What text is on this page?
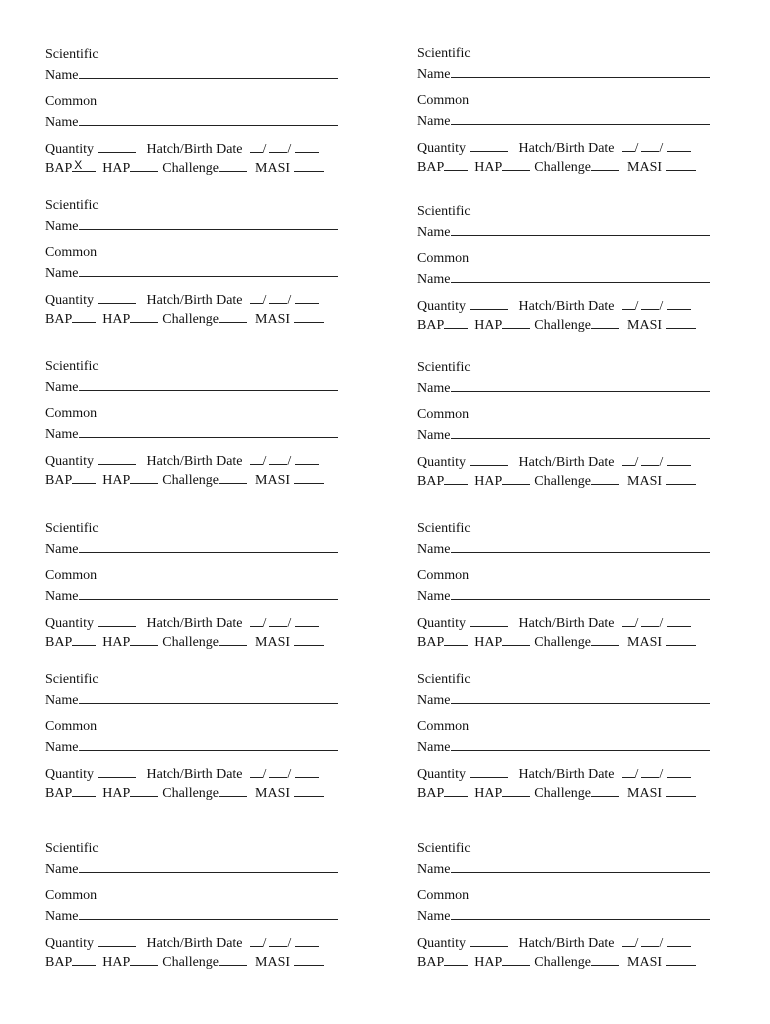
Scientific
Name
Common
Name
Quantity	Hatch/Birth Date / /
BAP X HAP Challenge	MASI
Scientific
Name
Common
Name
Quantity	Hatch/Birth Date / /
BAP HAP Challenge	MASI
Scientific
Name
Common
Name
Quantity	Hatch/Birth Date / /
BAP HAP Challenge	MASI
Scientific
Name
Common
Name
Quantity	Hatch/Birth Date / /
BAP HAP Challenge	MASI
Scientific
Name
Common
Name
Quantity	Hatch/Birth Date / /
BAP HAP Challenge	MASI
Scientific
Name
Common
Name
Quantity	Hatch/Birth Date / /
BAP HAP Challenge	MASI
Scientific
Name
Common
Name
Quantity	Hatch/Birth Date / /
BAP HAP Challenge	MASI
Scientific
Name
Common
Name
Quantity	Hatch/Birth Date / /
BAP HAP Challenge	MASI
Scientific
Name
Common
Name
Quantity	Hatch/Birth Date / /
BAP HAP Challenge	MASI
Scientific
Name
Common
Name
Quantity	Hatch/Birth Date / /
BAP HAP Challenge	MASI
Scientific
Name
Common
Name
Quantity	Hatch/Birth Date / /
BAP HAP Challenge	MASI
Scientific
Name
Common
Name
Quantity	Hatch/Birth Date / /
BAP HAP Challenge	MASI
